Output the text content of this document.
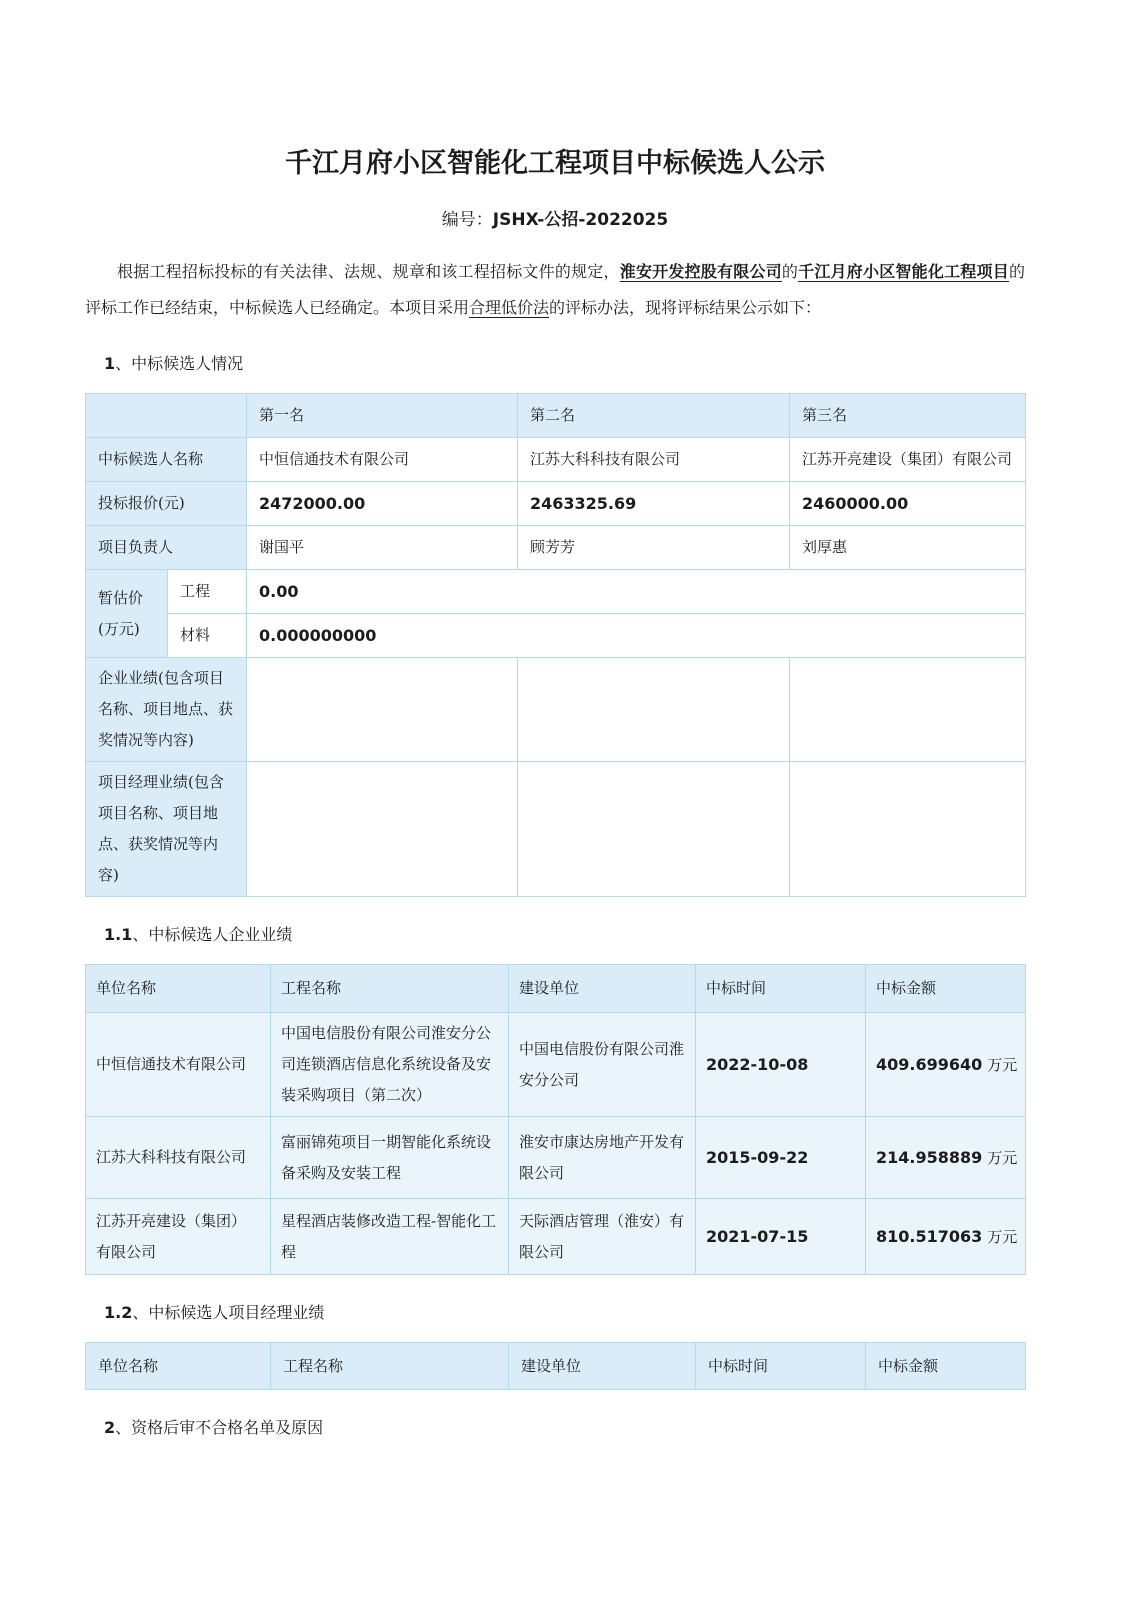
千江月府小区智能化工程项目中标候选人公示
编号：JSHX-公招-2022025

根据工程招标投标的有关法律、法规、规章和该工程招标文件的规定，淮安开发控股有限公司的千江月府小区智能化工程项目的评标工作已经结束，中标候选人已经确定。本项目采用合理低价法的评标办法，现将评标结果公示如下：

1、中标候选人情况
		第一名	第二名	第三名
中标候选人名称		中恒信通技术有限公司	江苏大科科技有限公司	江苏开亮建设（集团）有限公司
投标报价(元)		2472000.00	2463325.69	2460000.00
项目负责人		谢国平	顾芳芳	刘厚惠
暂估价(万元)	工程	0.00		
	材料	0.000000000		
企业业绩(包含项目名称、项目地点、获奖情况等内容)				
项目经理业绩(包含项目名称、项目地点、获奖情况等内容)				
1.1、中标候选人企业业绩
单位名称	工程名称	建设单位	中标时间	中标金额
中恒信通技术有限公司	中国电信股份有限公司淮安分公司连锁酒店信息化系统设备及安装采购项目（第二次）	中国电信股份有限公司淮安分公司	2022-10-08	409.699640 万元
江苏大科科技有限公司	富丽锦苑项目一期智能化系统设备采购及安装工程	淮安市康达房地产开发有限公司	2015-09-22	214.958889 万元
江苏开亮建设（集团）有限公司	星程酒店装修改造工程-智能化工程	天际酒店管理（淮安）有限公司	2021-07-15	810.517063 万元
1.2、中标候选人项目经理业绩
单位名称	工程名称	建设单位	中标时间	中标金额
2、资格后审不合格名单及原因
